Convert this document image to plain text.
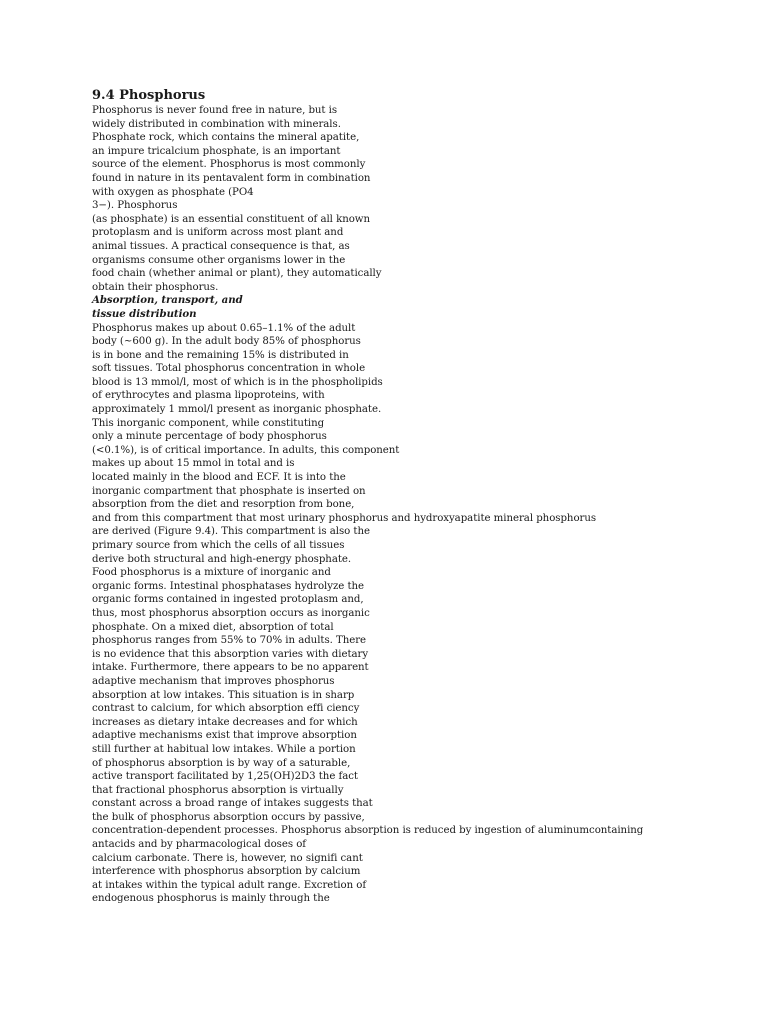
9.4 Phosphorus
Phosphorus is never found free in nature, but is
widely distributed in combination with minerals.
Phosphate rock, which contains the mineral apatite,
an impure tricalcium phosphate, is an important
source of the element. Phosphorus is most commonly
found in nature in its pentavalent form in combination
with oxygen as phosphate (PO4
3−). Phosphorus
(as phosphate) is an essential constituent of all known
protoplasm and is uniform across most plant and
animal tissues. A practical consequence is that, as
organisms consume other organisms lower in the
food chain (whether animal or plant), they automatically
obtain their phosphorus.
Absorption, transport, and
tissue distribution
Phosphorus makes up about 0.65–1.1% of the adult
body (~600 g). In the adult body 85% of phosphorus
is in bone and the remaining 15% is distributed in
soft tissues. Total phosphorus concentration in whole
blood is 13 mmol/l, most of which is in the phospholipids
of erythrocytes and plasma lipoproteins, with
approximately 1 mmol/l present as inorganic phosphate.
This inorganic component, while constituting
only a minute percentage of body phosphorus
(<0.1%), is of critical importance. In adults, this component
makes up about 15 mmol in total and is
located mainly in the blood and ECF. It is into the
inorganic compartment that phosphate is inserted on
absorption from the diet and resorption from bone,
and from this compartment that most urinary phosphorus and hydroxyapatite mineral phosphorus
are derived (Figure 9.4). This compartment is also the
primary source from which the cells of all tissues
derive both structural and high-energy phosphate.
Food phosphorus is a mixture of inorganic and
organic forms. Intestinal phosphatases hydrolyze the
organic forms contained in ingested protoplasm and,
thus, most phosphorus absorption occurs as inorganic
phosphate. On a mixed diet, absorption of total
phosphorus ranges from 55% to 70% in adults. There
is no evidence that this absorption varies with dietary
intake. Furthermore, there appears to be no apparent
adaptive mechanism that improves phosphorus
absorption at low intakes. This situation is in sharp
contrast to calcium, for which absorption effi ciency
increases as dietary intake decreases and for which
adaptive mechanisms exist that improve absorption
still further at habitual low intakes. While a portion
of phosphorus absorption is by way of a saturable,
active transport facilitated by 1,25(OH)2D3 the fact
that fractional phosphorus absorption is virtually
constant across a broad range of intakes suggests that
the bulk of phosphorus absorption occurs by passive,
concentration-dependent processes. Phosphorus absorption is reduced by ingestion of aluminumcontaining
antacids and by pharmacological doses of
calcium carbonate. There is, however, no signifi cant
interference with phosphorus absorption by calcium
at intakes within the typical adult range. Excretion of
endogenous phosphorus is mainly through the
